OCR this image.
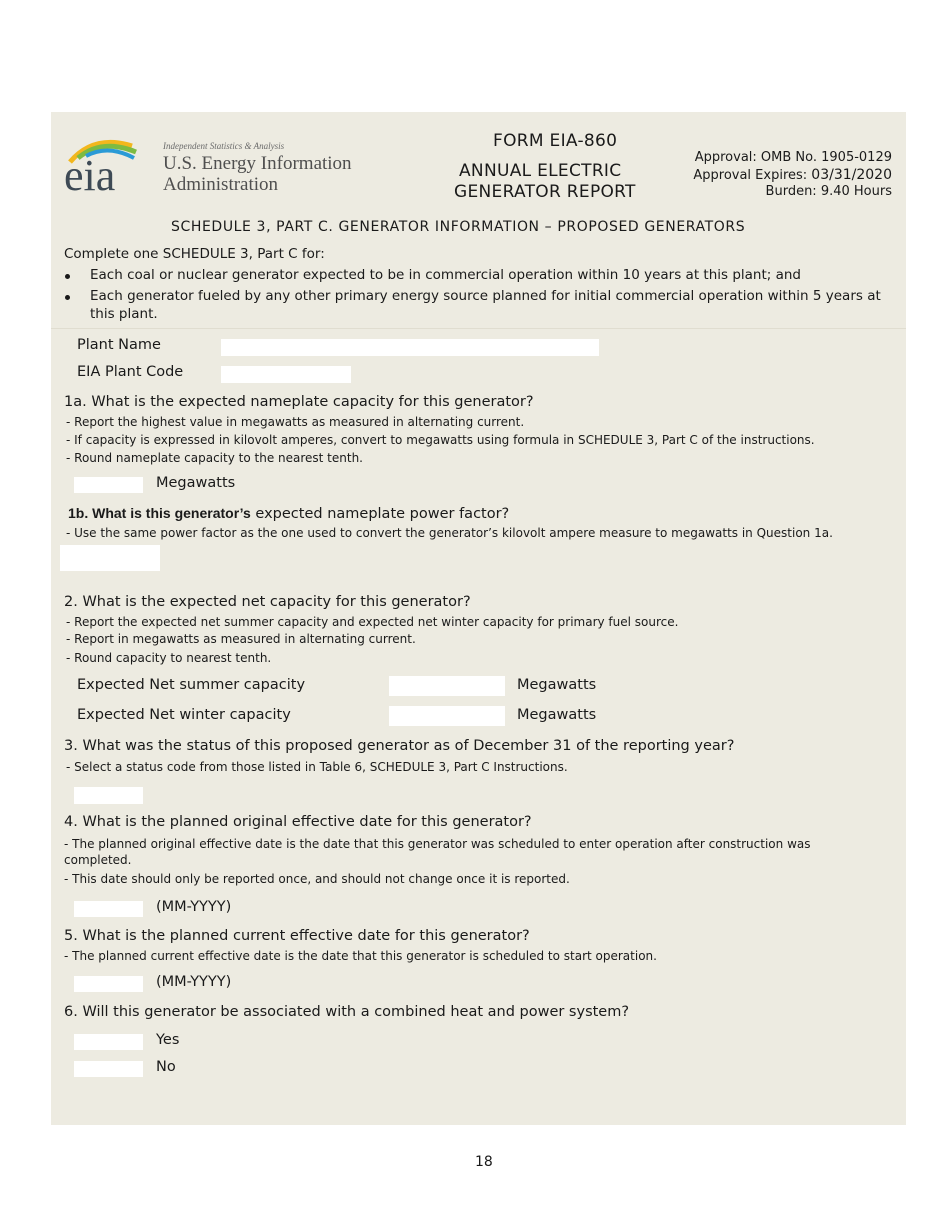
eia
Independent Statistics & Analysis
U.S. Energy Information
Administration
FORM EIA-860
ANNUAL ELECTRIC
GENERATOR REPORT
Approval: OMB No. 1905-0129
Approval Expires: 03/31/2020
Burden: 9.40 Hours
SCHEDULE 3, PART C. GENERATOR INFORMATION – PROPOSED GENERATORS
Complete one SCHEDULE 3, Part C for:
Each coal or nuclear generator expected to be in commercial operation within 10 years at this plant; and
Each generator fueled by any other primary energy source planned for initial commercial operation within 5 years at
this plant.
Plant Name
EIA Plant Code
1a. What is the expected nameplate capacity for this generator?
- Report the highest value in megawatts as measured in alternating current.
- If capacity is expressed in kilovolt amperes, convert to megawatts using formula in SCHEDULE 3, Part C of the instructions.
- Round nameplate capacity to the nearest tenth.
Megawatts
1b. What is this generator’s expected nameplate power factor?
- Use the same power factor as the one used to convert the generator’s kilovolt ampere measure to megawatts in Question 1a.
2. What is the expected net capacity for this generator?
- Report the expected net summer capacity and expected net winter capacity for primary fuel source.
- Report in megawatts as measured in alternating current.
- Round capacity to nearest tenth.
Expected Net summer capacity	Megawatts
Expected Net winter capacity	Megawatts
3. What was the status of this proposed generator as of December 31 of the reporting year?
- Select a status code from those listed in Table 6, SCHEDULE 3, Part C Instructions.
4. What is the planned original effective date for this generator?
- The planned original effective date is the date that this generator was scheduled to enter operation after construction was
completed.
- This date should only be reported once, and should not change once it is reported.
(MM-YYYY)
5. What is the planned current effective date for this generator?
- The planned current effective date is the date that this generator is scheduled to start operation.
(MM-YYYY)
6. Will this generator be associated with a combined heat and power system?
Yes
No
18
